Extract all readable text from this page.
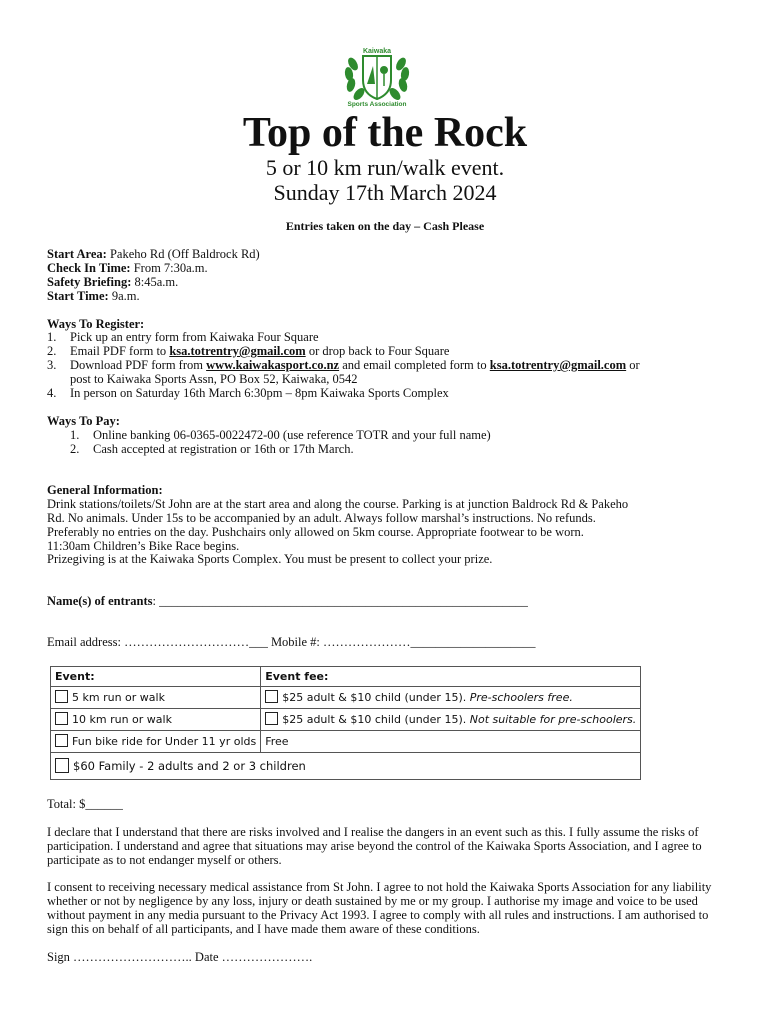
Kaiwaka
Sports Association
Top of the Rock
5 or 10 km run/walk event.
Sunday 17th March 2024
Entries taken on the day – Cash Please
Start Area: Pakeho Rd (Off Baldrock Rd)
Check In Time: From 7:30a.m.
Safety Briefing: 8:45a.m.
Start Time: 9a.m.
Ways To Register:
1. Pick up an entry form from Kaiwaka Four Square
2. Email PDF form to ksa.totrentry@gmail.com or drop back to Four Square
3. Download PDF form from www.kaiwakasport.co.nz and email completed form to ksa.totrentry@gmail.com or
post to Kaiwaka Sports Assn, PO Box 52, Kaiwaka, 0542
4. In person on Saturday 16th March 6:30pm – 8pm Kaiwaka Sports Complex
Ways To Pay:
1. Online banking 06-0365-0022472-00 (use reference TOTR and your full name)
2. Cash accepted at registration or 16th or 17th March.
General Information:
Drink stations/toilets/St John are at the start area and along the course. Parking is at junction Baldrock Rd & Pakeho
Rd. No animals. Under 15s to be accompanied by an adult. Always follow marshal’s instructions. No refunds.
Preferably no entries on the day. Pushchairs only allowed on 5km course. Appropriate footwear to be worn.
11:30am Children’s Bike Race begins.
Prizegiving is at the Kaiwaka Sports Complex. You must be present to collect your prize.
Name(s) of entrants: ___________________________________________________________
Email address: …………………………___ Mobile #: …………………____________________
Event:	Event fee:
5 km run or walk	$25 adult & $10 child (under 15). Pre-schoolers free.
10 km run or walk	$25 adult & $10 child (under 15). Not suitable for pre-schoolers.
Fun bike ride for Under 11 yr olds	Free
$60 Family - 2 adults and 2 or 3 children	
Total: $______
I declare that I understand that there are risks involved and I realise the dangers in an event such as this. I fully assume the risks of participation. I understand and agree that situations may arise beyond the control of the Kaiwaka Sports Association, and I agree to participate as to not endanger myself or others.
I consent to receiving necessary medical assistance from St John. I agree to not hold the Kaiwaka Sports Association for any liability whether or not by negligence by any loss, injury or death sustained by me or my group. I authorise my image and voice to be used without payment in any media pursuant to the Privacy Act 1993. I agree to comply with all rules and instructions. I am authorised to sign this on behalf of all participants, and I have made them aware of these conditions.
Sign ……………………….. Date ………………….
